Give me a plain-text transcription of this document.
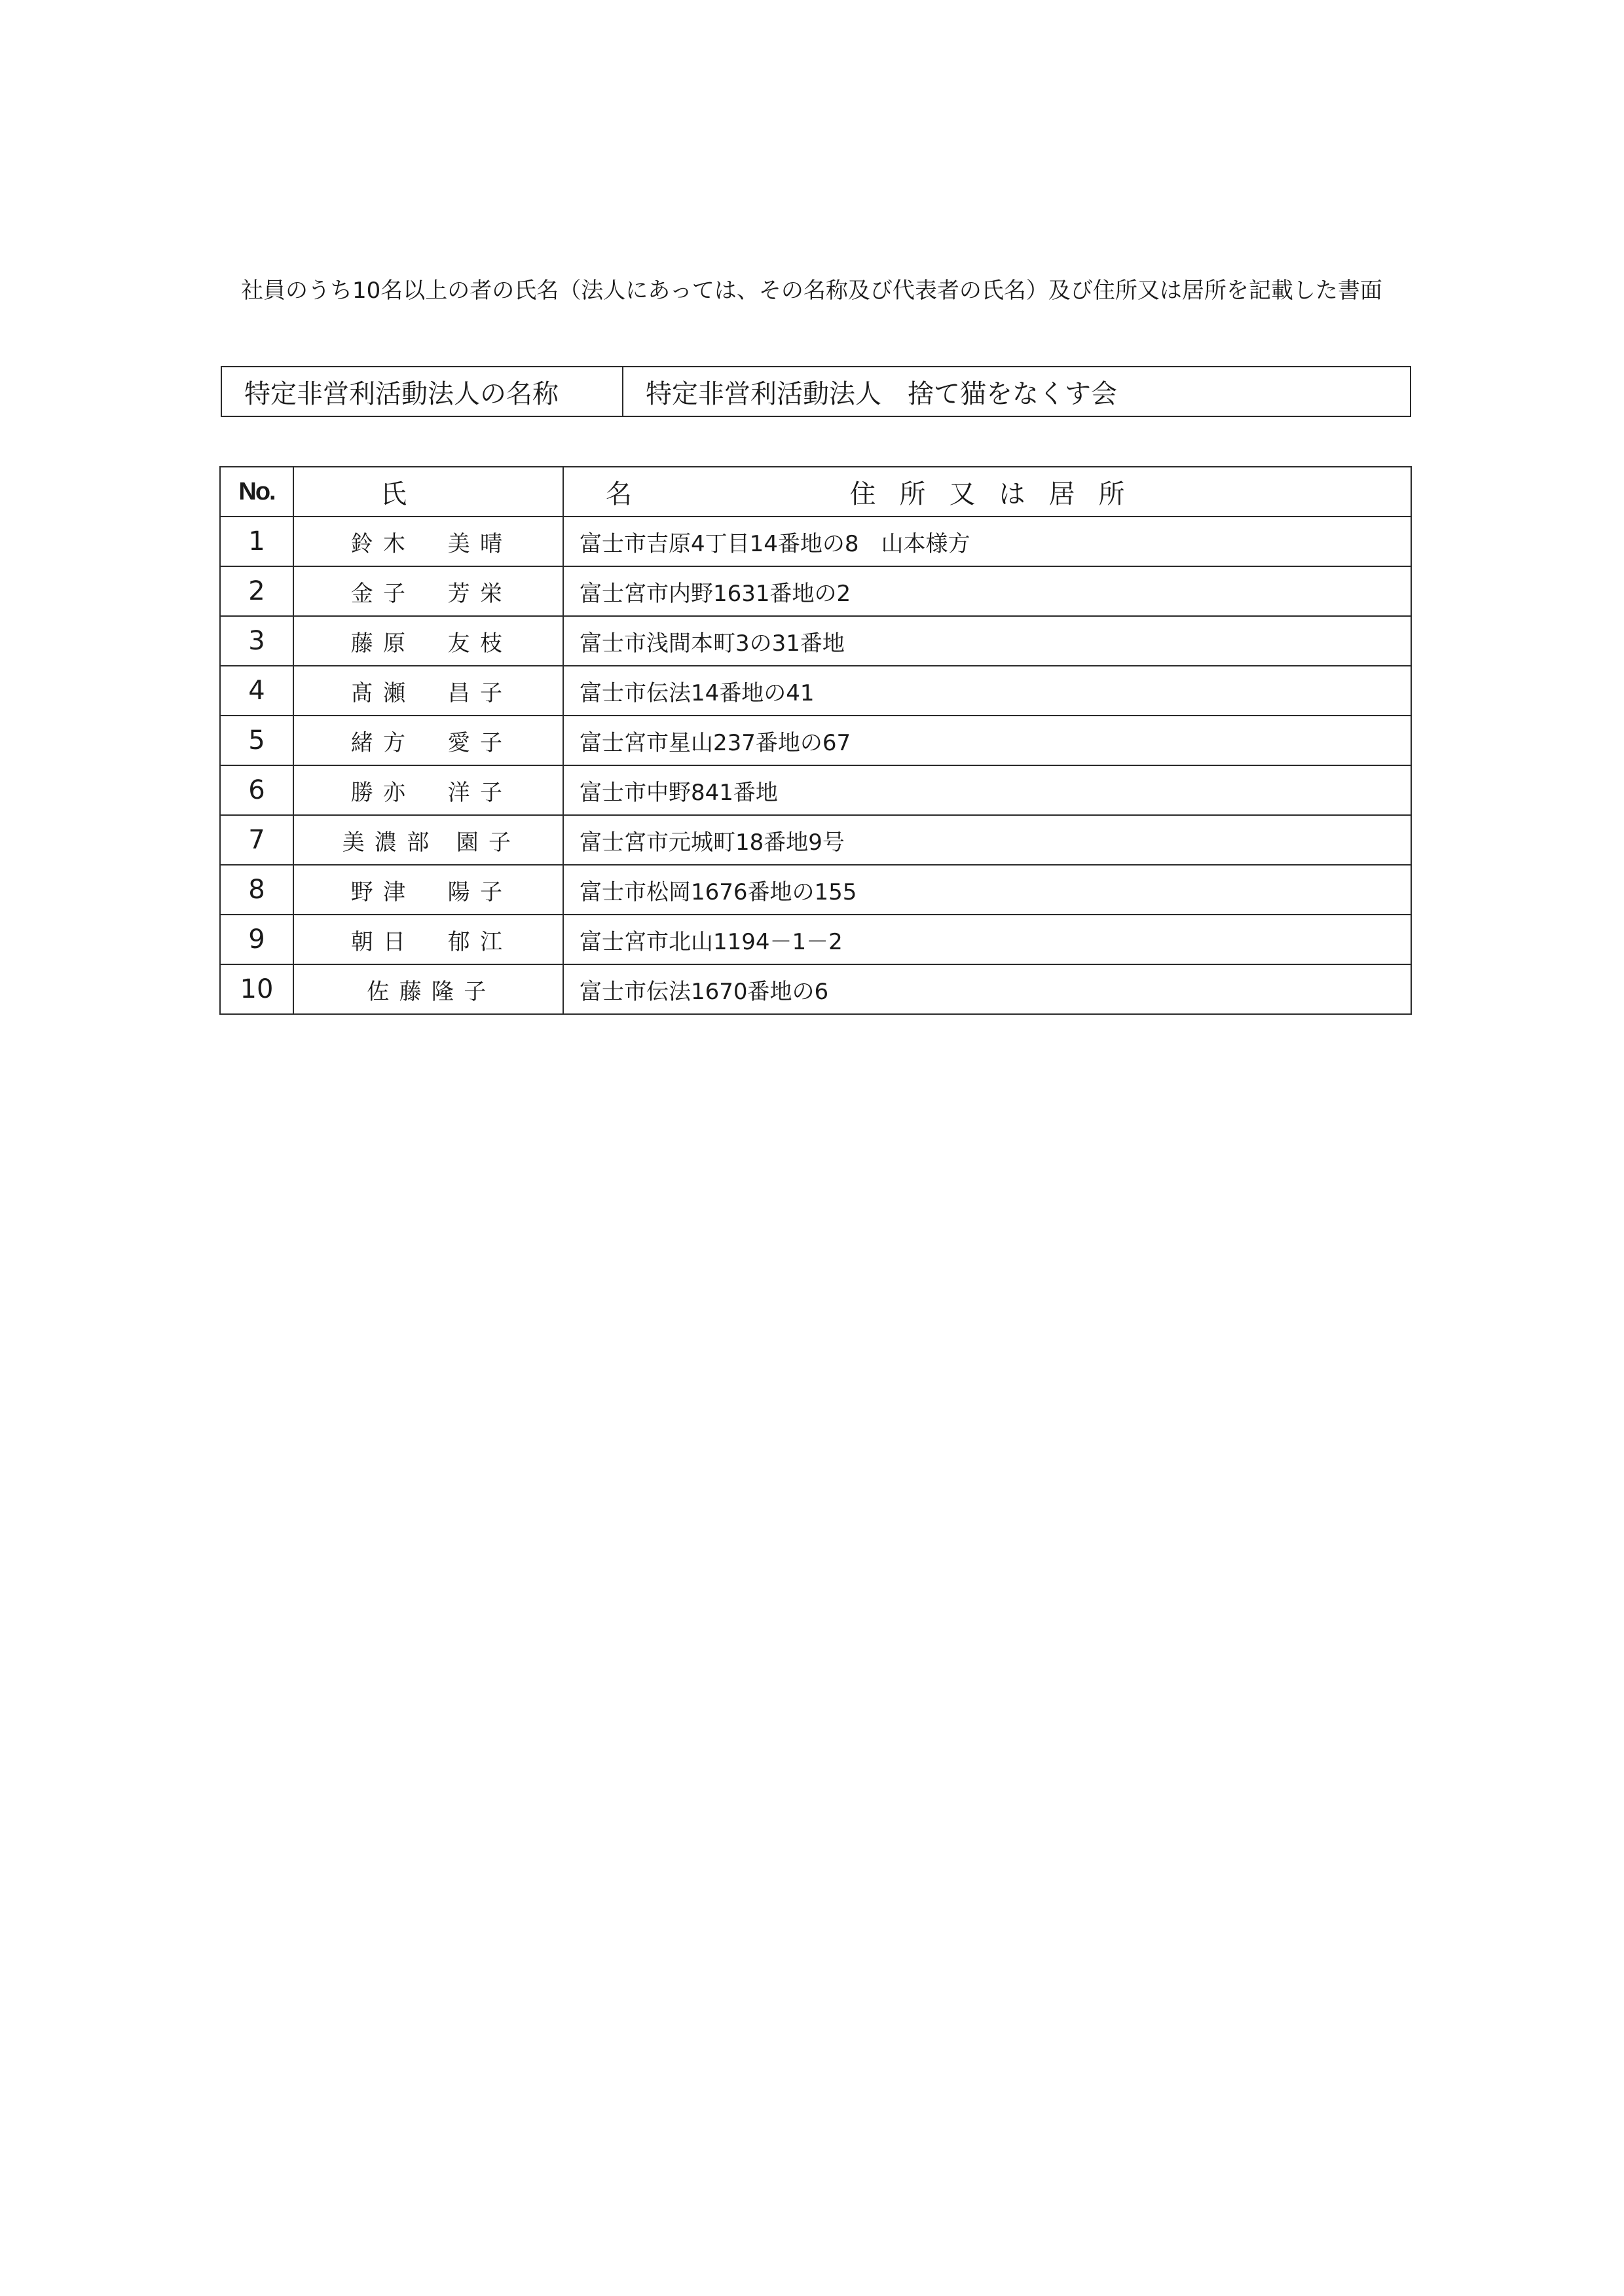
社員のうち10名以上の者の氏名（法人にあっては、その名称及び代表者の氏名）及び住所又は居所を記載した書面
特定非営利活動法人の名称	特定非営利活動法人　捨て猫をなくす会
No.	氏　名	住所又は居所
1	鈴木　美晴	富士市吉原4丁目14番地の8　山本様方
2	金子　芳栄	富士宮市内野1631番地の2
3	藤原　友枝	富士市浅間本町3の31番地
4	髙瀬　昌子	富士市伝法14番地の41
5	緒方　愛子	富士宮市星山237番地の67
6	勝亦　洋子	富士市中野841番地
7	美濃部 園子	富士宮市元城町18番地9号
8	野津　陽子	富士市松岡1676番地の155
9	朝日　郁江	富士宮市北山1194－1－2
10	佐藤隆子	富士市伝法1670番地の6
